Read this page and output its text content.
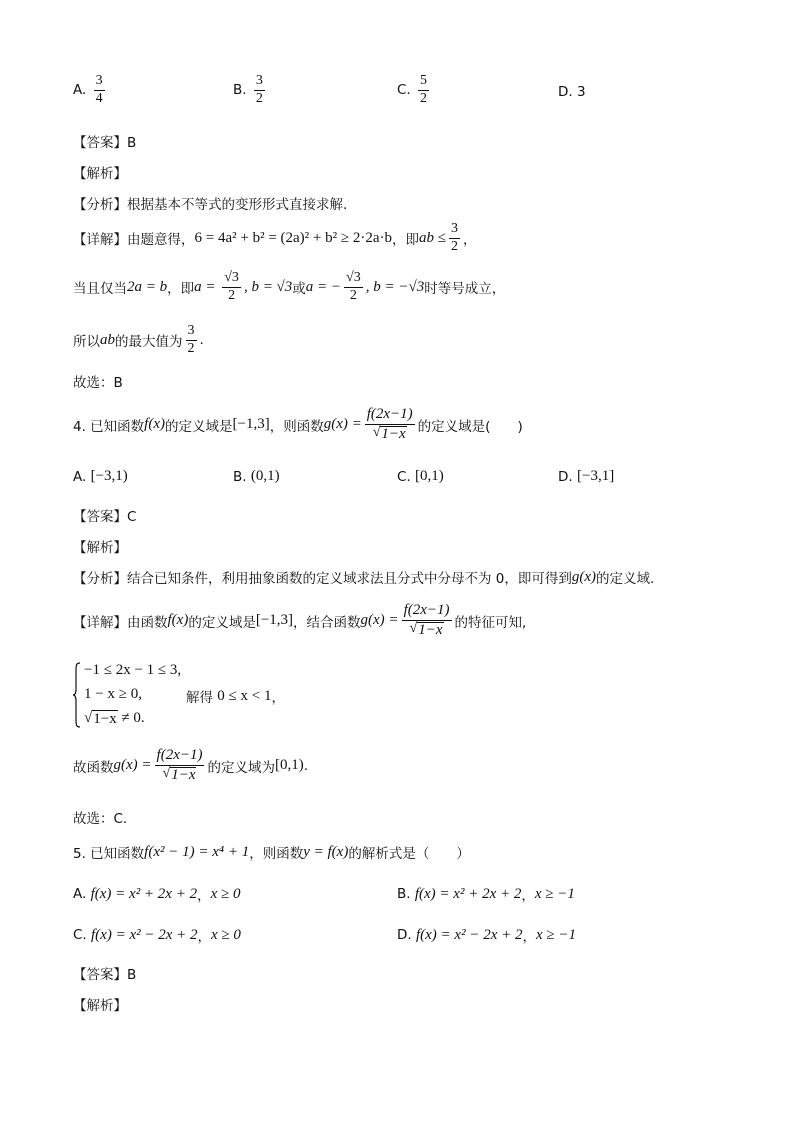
A.
$\frac{3}{4}$	B.
$\frac{3}{2}$	C.
$\frac{5}{2}$	D.
3
【答案】B
【解析】
【分析】根据基本不等式的变形形式直接求解.
【详解】由题意得， 6 = 4a² + b² = (2a)² + b² ≥ 2·2a·b ，即 ab ≤ $\frac{3}{2}$ ，
当且仅当 2a = b ，即 $a = \frac{√3}{2}$ , b = √3 或 a = − $\frac{√3}{2}$ , b = −√3 时等号成立，
所以 ab 的最大值为 $\frac{3}{2}$ .
故选：B
4. 已知函数 f(x) 的定义域是 [−1,3] ，则函数 $g(x) = \frac{f(2x-1)}{√ 1-x}$ 的定义域是(　　)
A.
[−3,1)	B.
(0,1)	C.
[0,1)	D.
[−3,1]
【答案】C
【解析】
【分析】结合已知条件，利用抽象函数的定义域求法且分式中分母不为 0，即可得到 g(x) 的定义域.
【详解】由函数 f(x) 的定义域是 [−1,3] ，结合函数 $g(x) = \frac{f(2x-1)}{√ 1-x}$ 的特征可知,
−1 ≤ 2x − 1 ≤ 3,
1 − x ≥ 0,
√ 1−x ≠ 0.
解得
0 ≤ x < 1 ，
故函数 $g(x) = \frac{f(2x-1)}{√ 1-x}$ 的定义域为 [0,1) .
故选：C.
5. 已知函数 f(x² − 1) = x⁴ + 1 ，则函数 y = f(x) 的解析式是（　　）
A.
f(x) = x² + 2x + 2 ， x ≥ 0	B.
f(x) = x² + 2x + 2 ， x ≥ −1
C.
f(x) = x² − 2x + 2 ， x ≥ 0	D.
f(x) = x² − 2x + 2 ， x ≥ −1
【答案】B
【解析】
